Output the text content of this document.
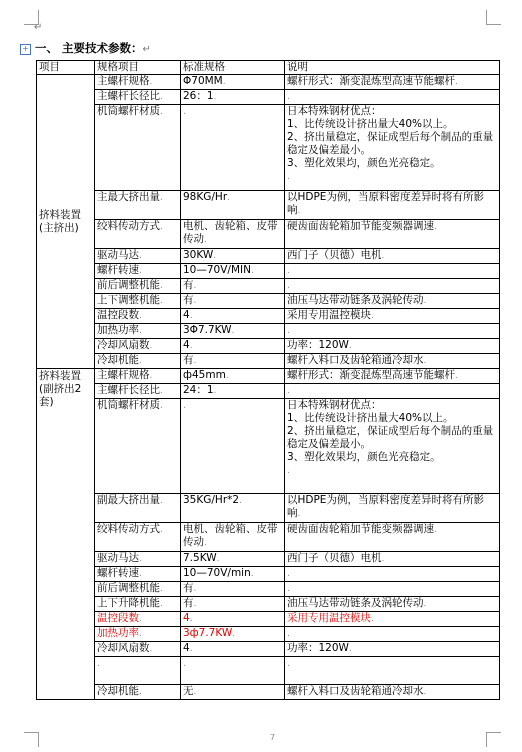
↵
+ 一、 主要技术参数：↵
项目	规格项目	标准规格	说明
挤料装置(主挤出)	主螺杆规格.	Φ70MM.	螺杆形式：渐变混炼型高速节能螺杆.
	主螺杆长径比.	26：1.	.
	机筒螺杆材质.	.	日本特殊钢材优点：
1、比传统设计挤出量大40%以上。
2、挤出量稳定，保证成型后每个制品的重量稳定及偏差最小。
3、塑化效果均，颜色光亮稳定。
.
	主最大挤出量.	98KG/Hr.	以HDPE为例，当原料密度差异时将有所影响.
	绞料传动方式.	电机、齿轮箱、皮带传动.	硬齿面齿轮箱加节能变频器调速.
	驱动马达.	30KW.	西门子（贝德）电机.
	螺杆转速.	10—70V/MIN.	.
	前后调整机能.	有.	.
	上下调整机能.	有.	油压马达带动链条及涡轮传动.
	温控段数.	4.	采用专用温控模块.
	加热功率.	3Φ7.7KW.	.
	冷却风扇数.	4.	功率：120W.
	冷却机能.	有.	螺杆入料口及齿轮箱通冷却水.
挤料装置(副挤出2套)	主螺杆规格.	ф45mm.	螺杆形式：渐变混炼型高速节能螺杆.
	主螺杆长径比.	24：1.	.
	机筒螺杆材质.	.	日本特殊钢材优点：
1、比传统设计挤出量大40%以上。
2、挤出量稳定，保证成型后每个制品的重量稳定及偏差最小。
3、塑化效果均，颜色光亮稳定。
.
	副最大挤出量.	35KG/Hr*2.	以HDPE为例，当原料密度差异时将有所影响.
	绞料传动方式.	电机、齿轮箱、皮带传动.	硬齿面齿轮箱加节能变频器调速.
	驱动马达.	7.5KW.	西门子（贝德）电机.
	螺杆转速.	10—70V/min.	.
	前后调整机能.	有.	.
	上下升降机能.	有.	油压马达带动链条及涡轮传动.
	温控段数.	4.	采用专用温控模块.
	加热功率.	3ф7.7KW.	.
	冷却风扇数.	4.	功率：120W.
	.	.	.
	冷却机能.	无.	螺杆入料口及齿轮箱通冷却水.
7
